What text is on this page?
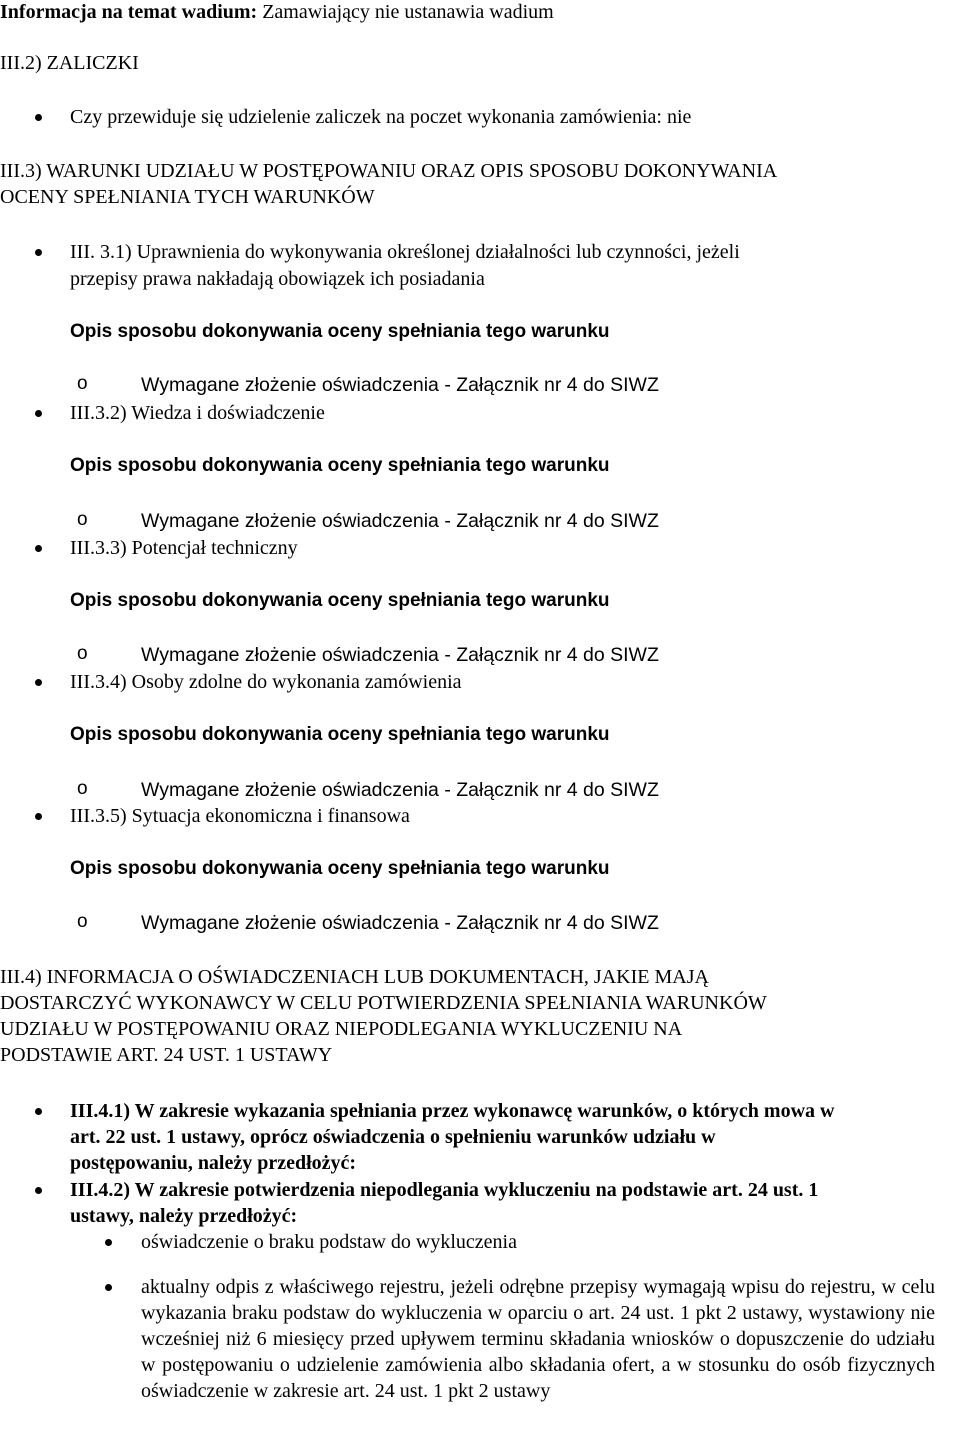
Informacja na temat wadium: Zamawiający nie ustanawia wadium
III.2) ZALICZKI
Czy przewiduje się udzielenie zaliczek na poczet wykonania zamówienia: nie
III.3) WARUNKI UDZIAŁU W POSTĘPOWANIU ORAZ OPIS SPOSOBU DOKONYWANIA
OCENY SPEŁNIANIA TYCH WARUNKÓW
III. 3.1) Uprawnienia do wykonywania określonej działalności lub czynności, jeżeli
przepisy prawa nakładają obowiązek ich posiadania
Opis sposobu dokonywania oceny spełniania tego warunku
o	Wymagane złożenie oświadczenia - Załącznik nr 4 do SIWZ
III.3.2) Wiedza i doświadczenie
Opis sposobu dokonywania oceny spełniania tego warunku
o	Wymagane złożenie oświadczenia - Załącznik nr 4 do SIWZ
III.3.3) Potencjał techniczny
Opis sposobu dokonywania oceny spełniania tego warunku
o	Wymagane złożenie oświadczenia - Załącznik nr 4 do SIWZ
III.3.4) Osoby zdolne do wykonania zamówienia
Opis sposobu dokonywania oceny spełniania tego warunku
o	Wymagane złożenie oświadczenia - Załącznik nr 4 do SIWZ
III.3.5) Sytuacja ekonomiczna i finansowa
Opis sposobu dokonywania oceny spełniania tego warunku
o	Wymagane złożenie oświadczenia - Załącznik nr 4 do SIWZ
III.4) INFORMACJA O OŚWIADCZENIACH LUB DOKUMENTACH, JAKIE MAJĄ
DOSTARCZYĆ WYKONAWCY W CELU POTWIERDZENIA SPEŁNIANIA WARUNKÓW
UDZIAŁU W POSTĘPOWANIU ORAZ NIEPODLEGANIA WYKLUCZENIU NA
PODSTAWIE ART. 24 UST. 1 USTAWY
III.4.1) W zakresie wykazania spełniania przez wykonawcę warunków, o których mowa w
art. 22 ust. 1 ustawy, oprócz oświadczenia o spełnieniu warunków udziału w
postępowaniu, należy przedłożyć:
III.4.2) W zakresie potwierdzenia niepodlegania wykluczeniu na podstawie art. 24 ust. 1
ustawy, należy przedłożyć:
oświadczenie o braku podstaw do wykluczenia
aktualny odpis z właściwego rejestru, jeżeli odrębne przepisy wymagają wpisu do rejestru, w celu wykazania braku podstaw do wykluczenia w oparciu o art. 24 ust. 1 pkt 2 ustawy, wystawiony nie wcześniej niż 6 miesięcy przed upływem terminu składania wniosków o dopuszczenie do udziału w postępowaniu o udzielenie zamówienia albo składania ofert, a w stosunku do osób fizycznych oświadczenie w zakresie art. 24 ust. 1 pkt 2 ustawy
